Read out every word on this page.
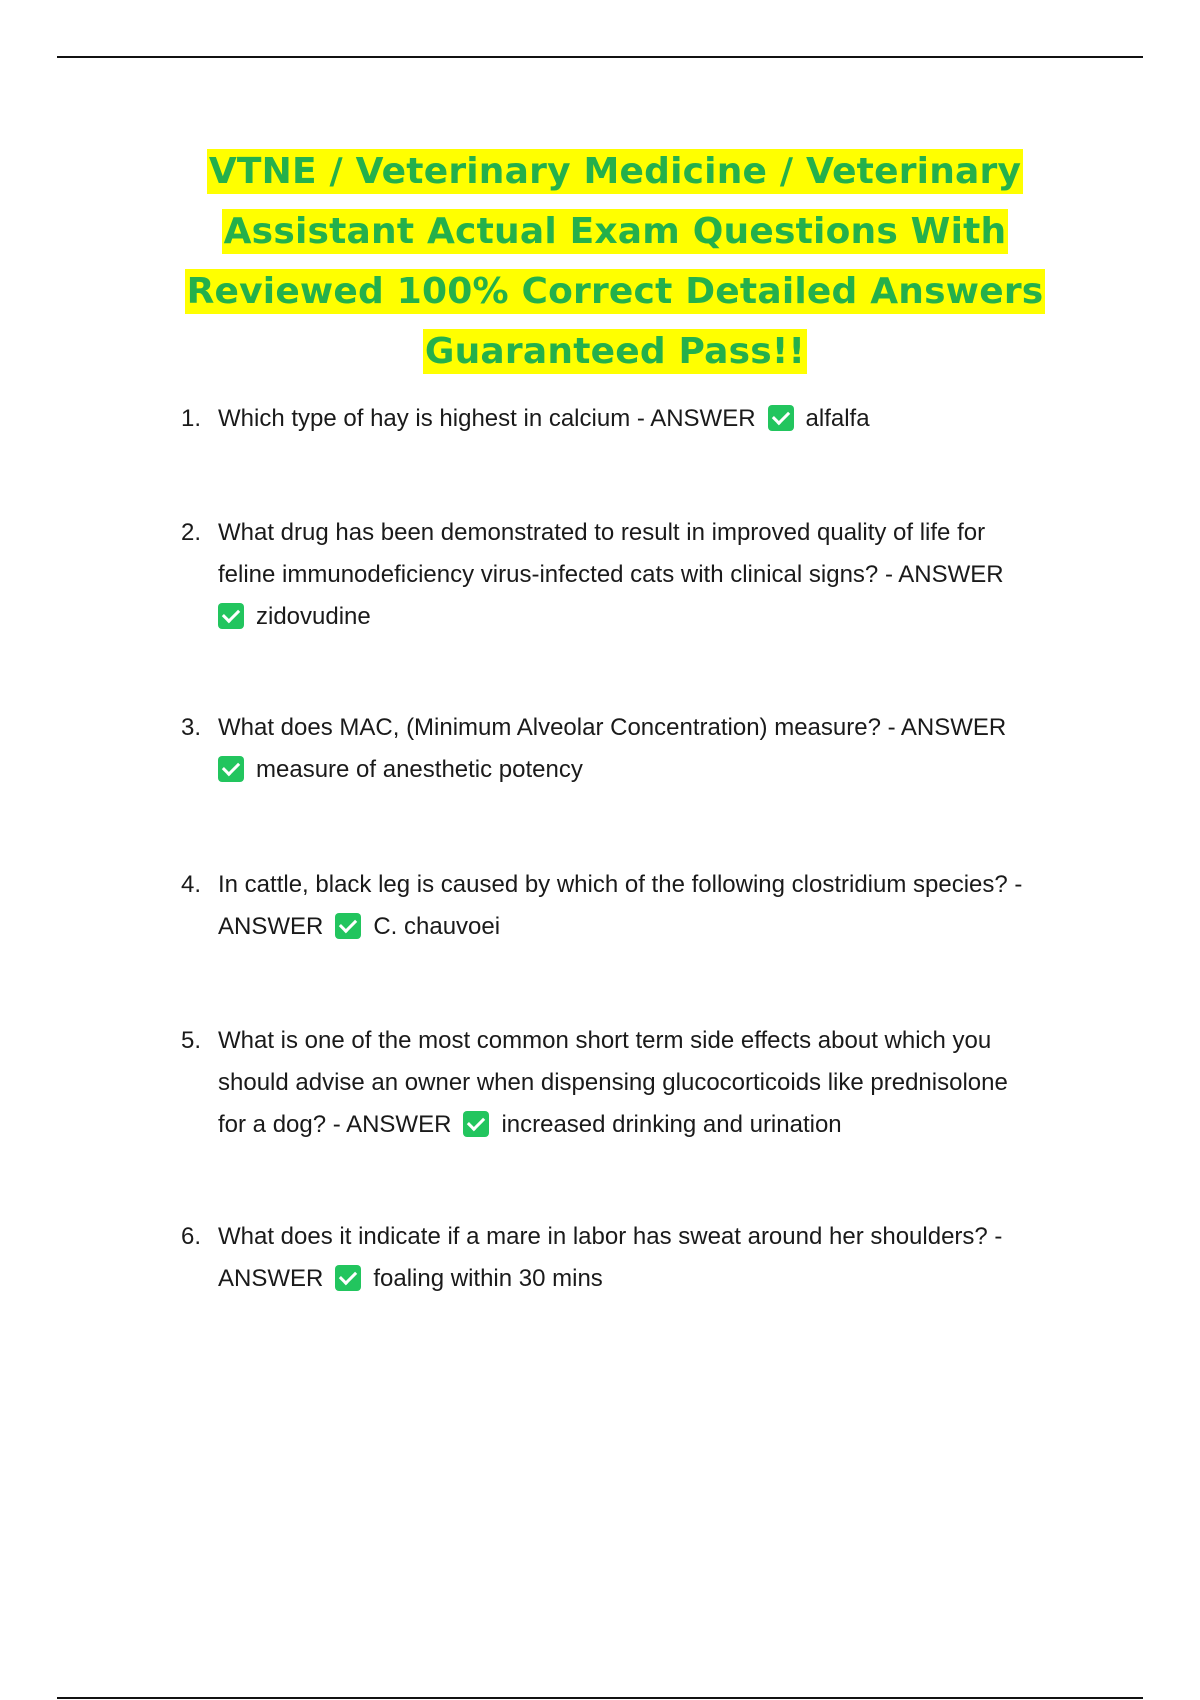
VTNE / Veterinary Medicine / Veterinary
Assistant Actual Exam Questions With
Reviewed 100% Correct Detailed Answers
Guaranteed Pass!!
1. Which type of hay is highest in calcium - ANSWER alfalfa
2. What drug has been demonstrated to result in improved quality of life for
feline immunodeficiency virus-infected cats with clinical signs? - ANSWER
zidovudine
3. What does MAC, (Minimum Alveolar Concentration) measure? - ANSWER
measure of anesthetic potency
4. In cattle, black leg is caused by which of the following clostridium species? -
ANSWER C. chauvoei
5. What is one of the most common short term side effects about which you
should advise an owner when dispensing glucocorticoids like prednisolone
for a dog? - ANSWER increased drinking and urination
6. What does it indicate if a mare in labor has sweat around her shoulders? -
ANSWER foaling within 30 mins
